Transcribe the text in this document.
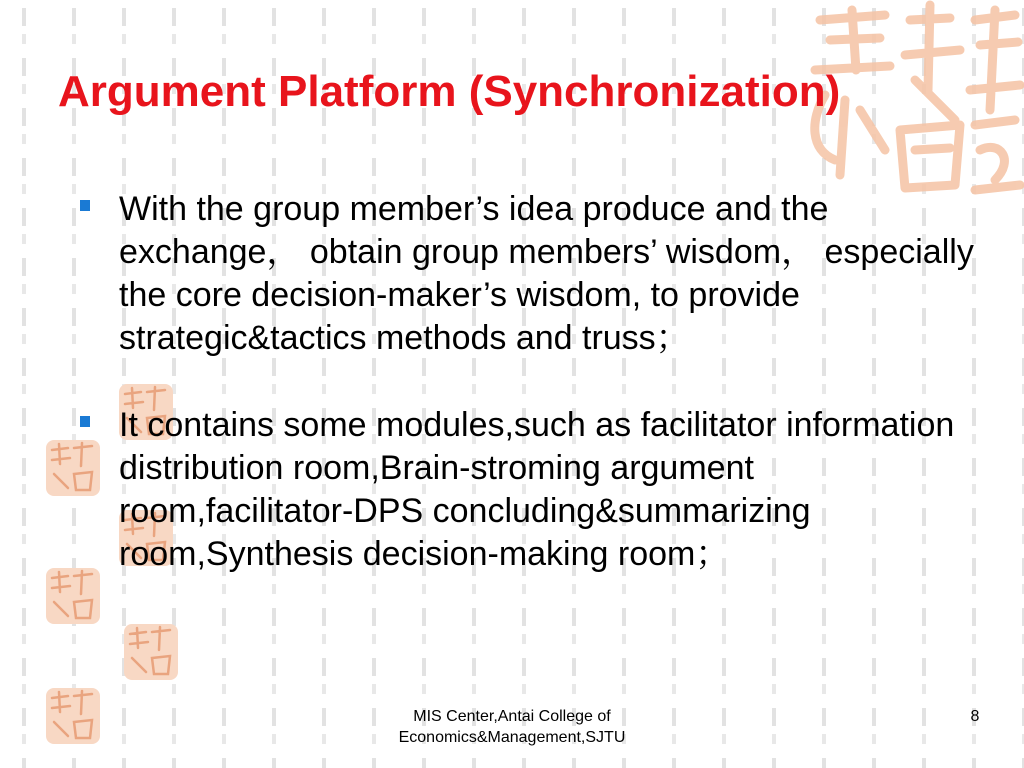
Argument Platform (Synchronization)
With the group member’s idea produce and the exchange， obtain group members’ wisdom， especially the core decision-maker’s wisdom, to provide strategic&tactics methods and truss；
It contains some modules,such as facilitator information distribution room,Brain-stroming argument room,facilitator-DPS concluding&summarizing room,Synthesis decision-making room；
MIS Center,Antai College of
Economics&Management,SJTU
8
